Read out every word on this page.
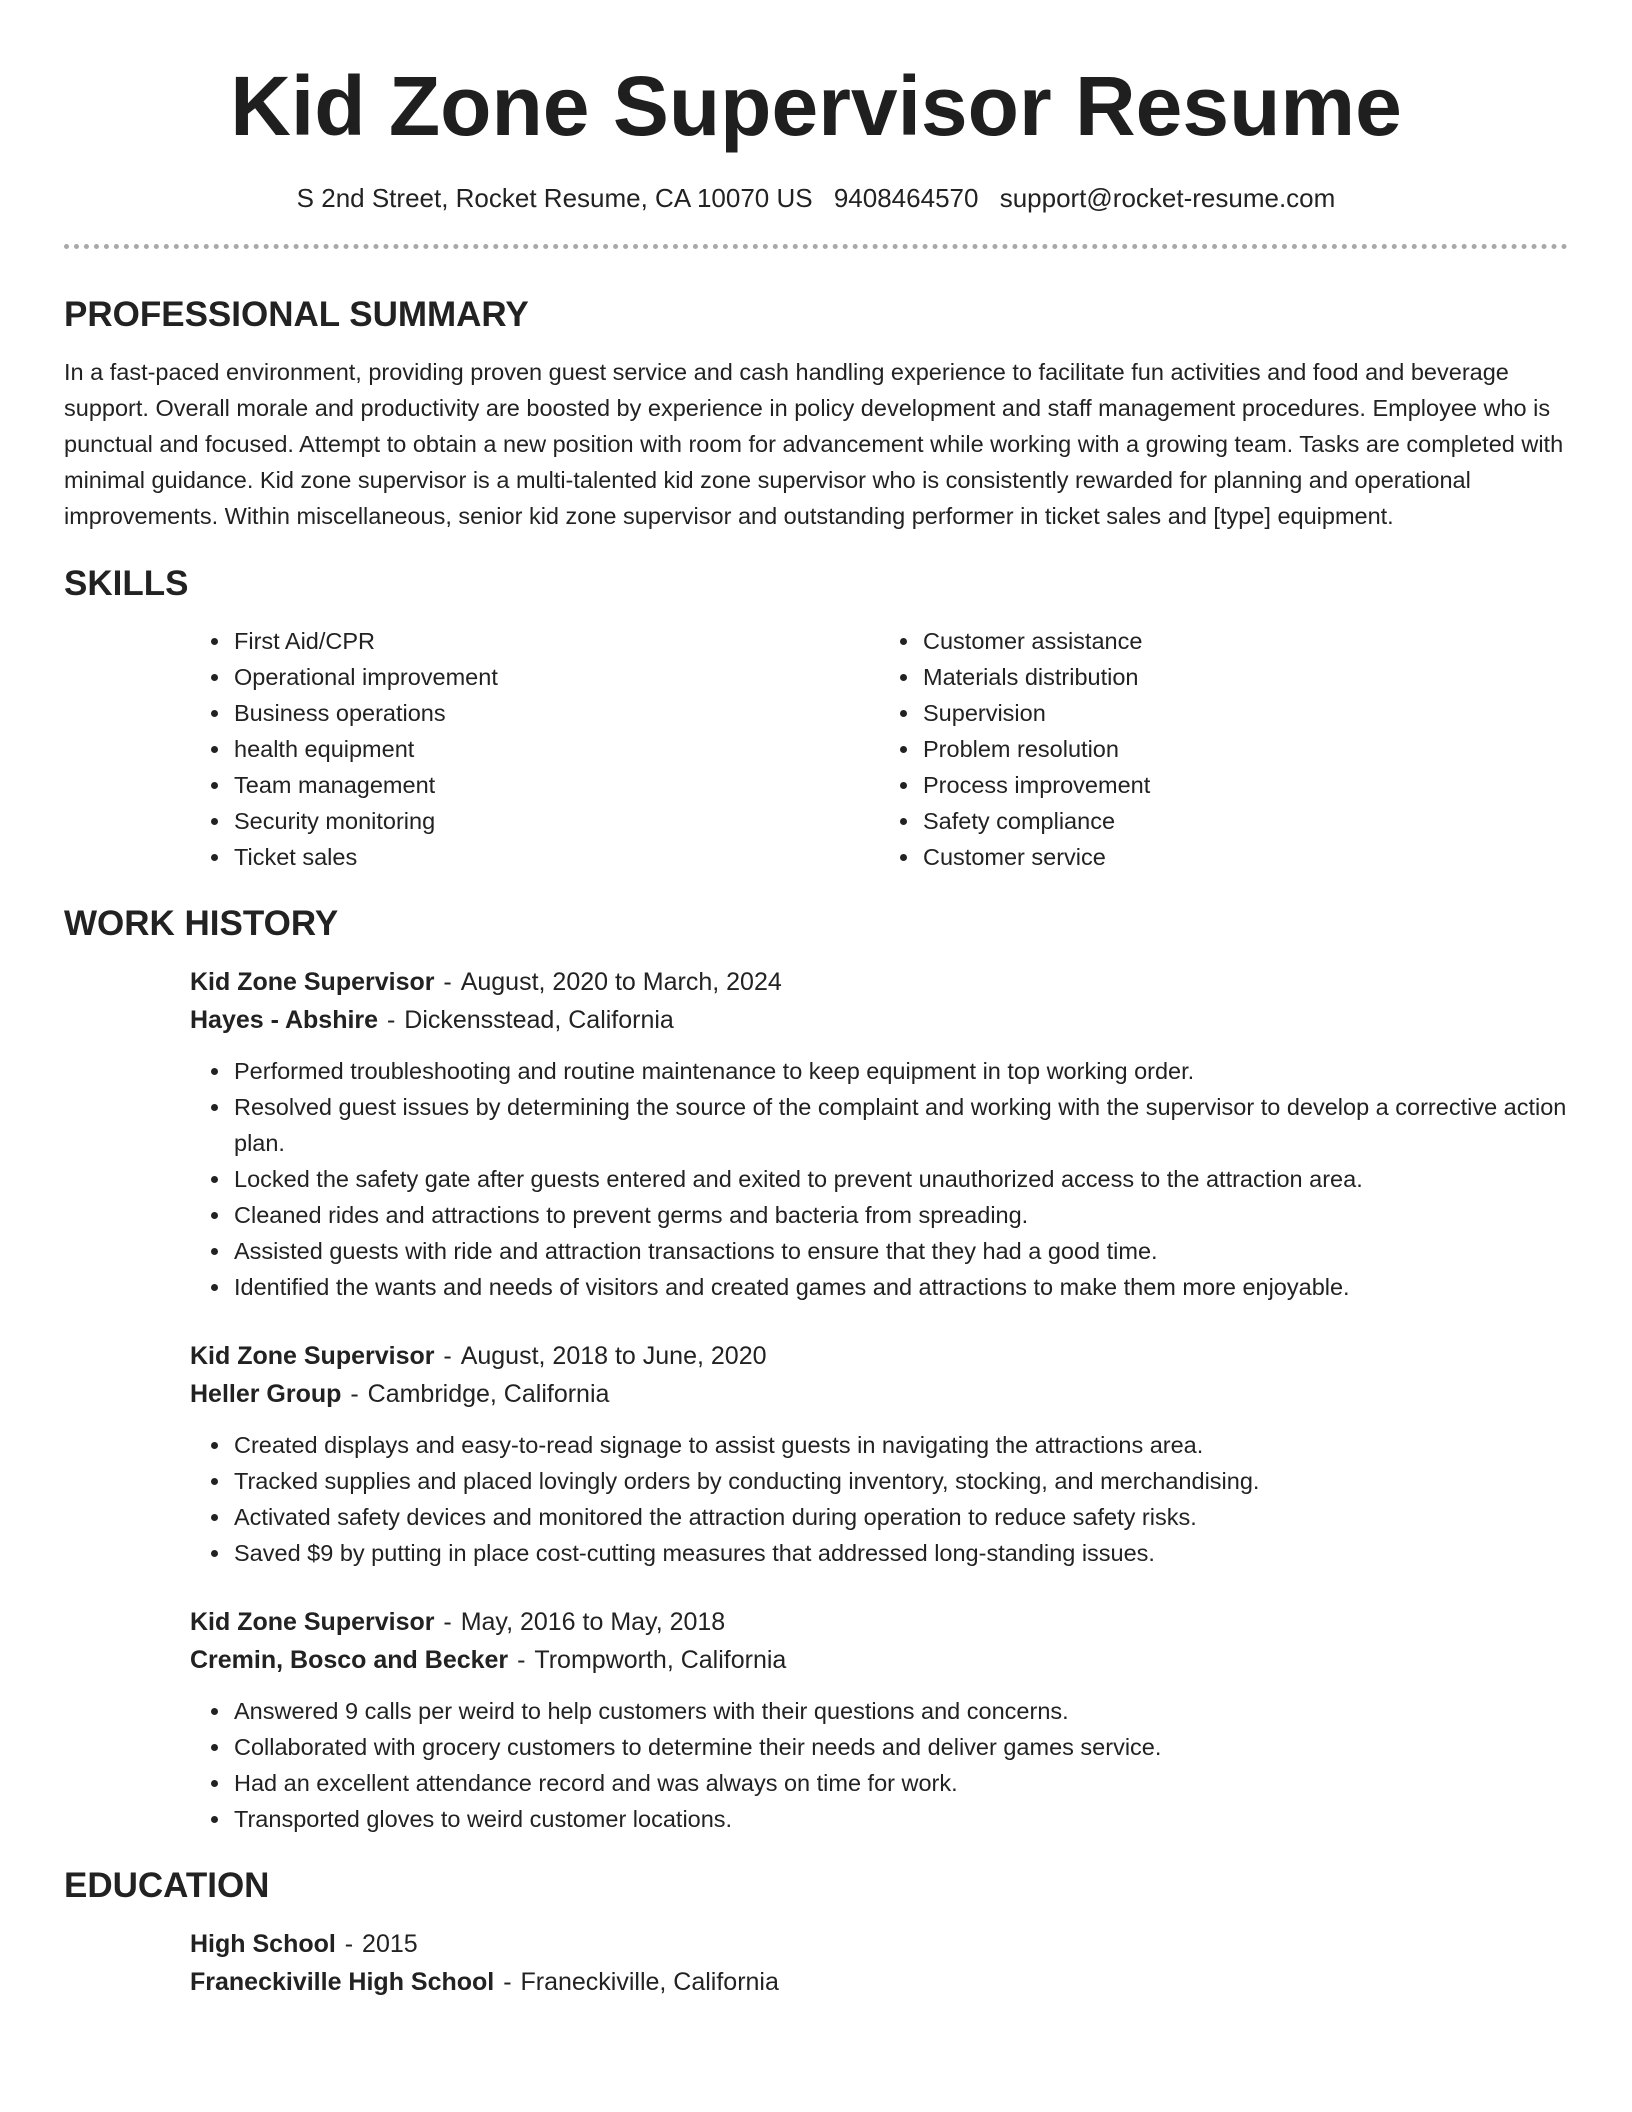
Kid Zone Supervisor Resume
S 2nd Street, Rocket Resume, CA 10070 US 9408464570 support@rocket-resume.com
PROFESSIONAL SUMMARY

In a fast-paced environment, providing proven guest service and cash handling experience to facilitate fun activities and food and beverage support. Overall morale and productivity are boosted by experience in policy development and staff management procedures. Employee who is punctual and focused. Attempt to obtain a new position with room for advancement while working with a growing team. Tasks are completed with minimal guidance. Kid zone supervisor is a multi-talented kid zone supervisor who is consistently rewarded for planning and operational improvements. Within miscellaneous, senior kid zone supervisor and outstanding performer in ticket sales and [type] equipment.

SKILLS
• First Aid/CPR
• Operational improvement
• Business operations
• health equipment
• Team management
• Security monitoring
• Ticket sales
• Customer assistance
• Materials distribution
• Supervision
• Problem resolution
• Process improvement
• Safety compliance
• Customer service
WORK HISTORY

Kid Zone Supervisor - August, 2020 to March, 2024

Hayes - Abshire - Dickensstead, California

• Performed troubleshooting and routine maintenance to keep equipment in top working order.
• Resolved guest issues by determining the source of the complaint and working with the supervisor to develop a corrective action plan.
• Locked the safety gate after guests entered and exited to prevent unauthorized access to the attraction area.
• Cleaned rides and attractions to prevent germs and bacteria from spreading.
• Assisted guests with ride and attraction transactions to ensure that they had a good time.
• Identified the wants and needs of visitors and created games and attractions to make them more enjoyable.

Kid Zone Supervisor - August, 2018 to June, 2020

Heller Group - Cambridge, California

• Created displays and easy-to-read signage to assist guests in navigating the attractions area.
• Tracked supplies and placed lovingly orders by conducting inventory, stocking, and merchandising.
• Activated safety devices and monitored the attraction during operation to reduce safety risks.
• Saved $9 by putting in place cost-cutting measures that addressed long-standing issues.

Kid Zone Supervisor - May, 2016 to May, 2018

Cremin, Bosco and Becker - Trompworth, California

• Answered 9 calls per weird to help customers with their questions and concerns.
• Collaborated with grocery customers to determine their needs and deliver games service.
• Had an excellent attendance record and was always on time for work.
• Transported gloves to weird customer locations.
EDUCATION

High School - 2015

Franeckiville High School - Franeckiville, California
